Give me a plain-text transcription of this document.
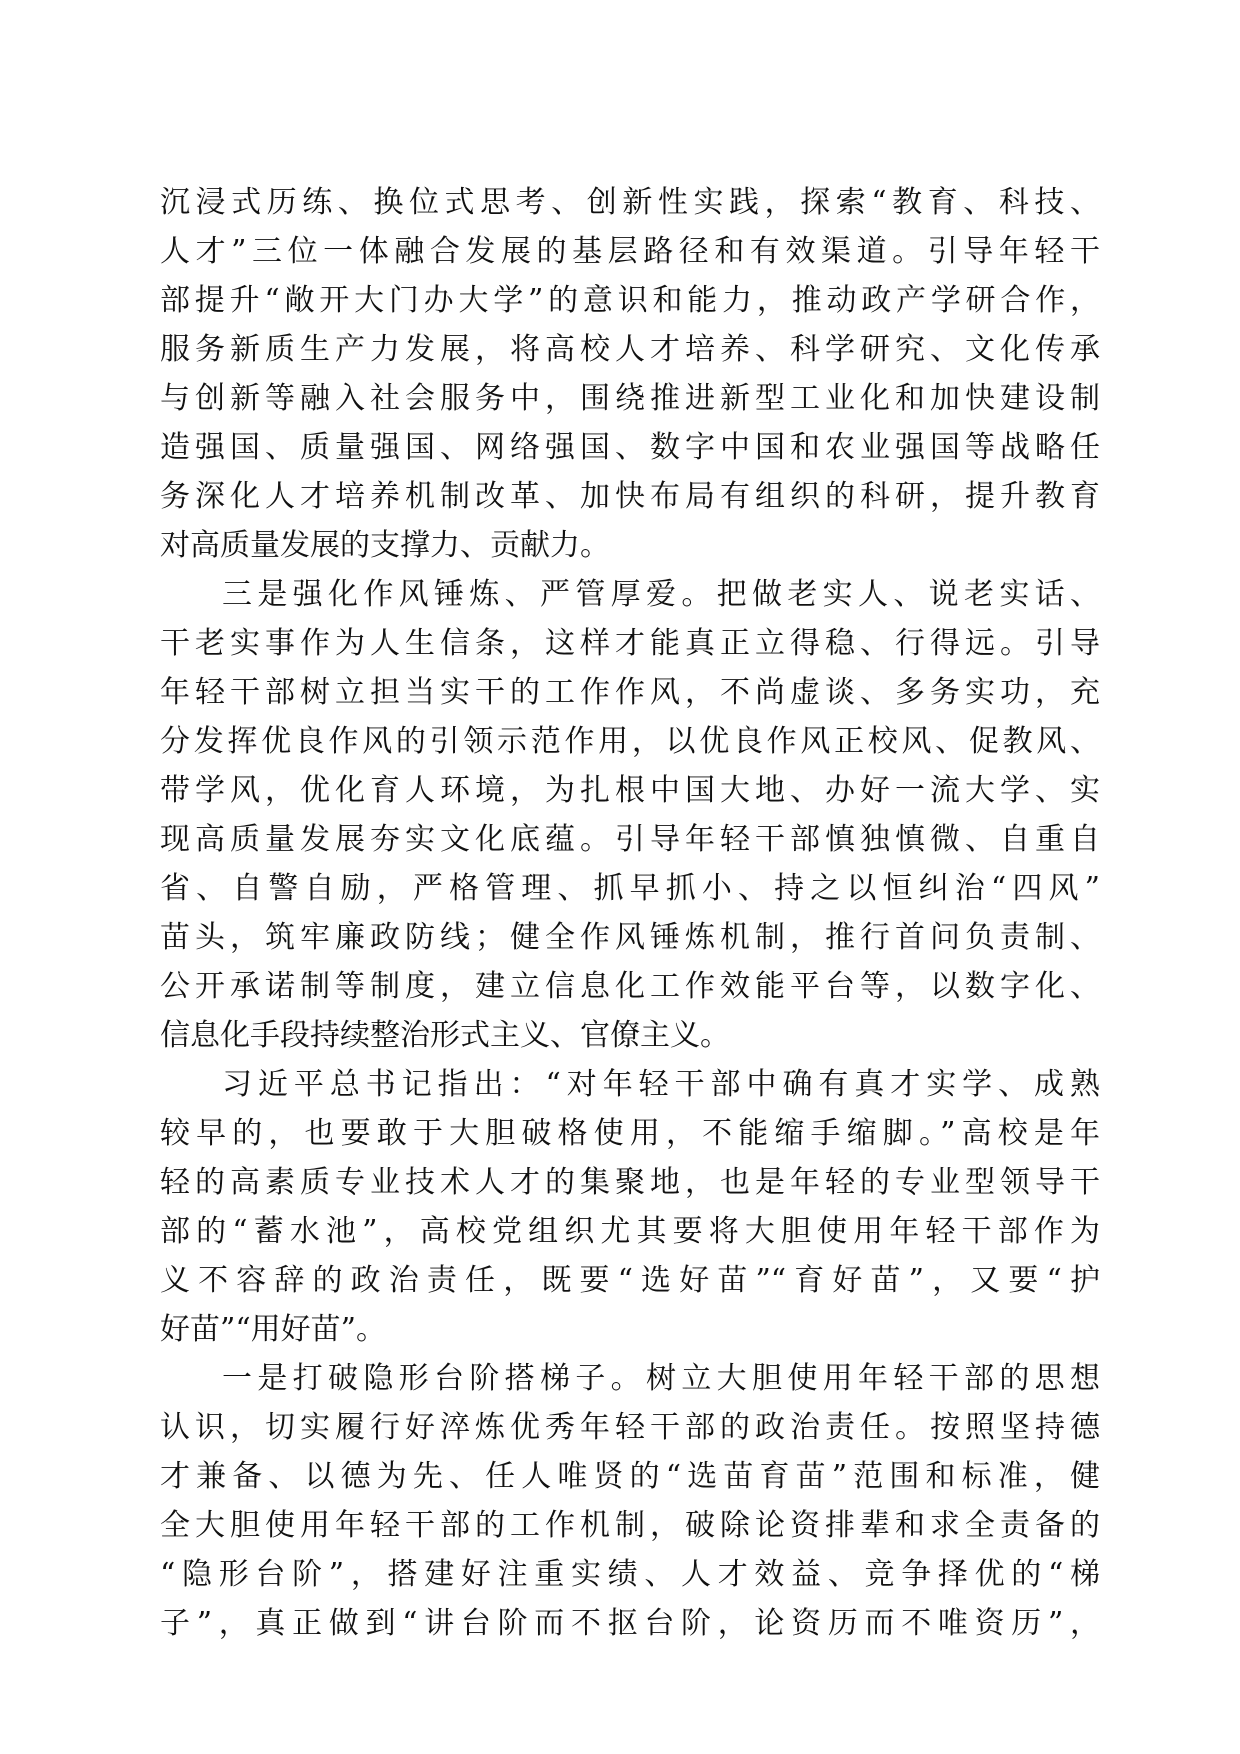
沉浸式历练、换位式思考、创新性实践，探索“教育、科技、
人才”三位一体融合发展的基层路径和有效渠道。引导年轻干
部提升“敞开大门办大学”的意识和能力，推动政产学研合作，
服务新质生产力发展，将高校人才培养、科学研究、文化传承
与创新等融入社会服务中，围绕推进新型工业化和加快建设制
造强国、质量强国、网络强国、数字中国和农业强国等战略任
务深化人才培养机制改革、加快布局有组织的科研，提升教育
对高质量发展的支撑力、贡献力。
三是强化作风锤炼、严管厚爱。把做老实人、说老实话、
干老实事作为人生信条，这样才能真正立得稳、行得远。引导
年轻干部树立担当实干的工作作风，不尚虚谈、多务实功，充
分发挥优良作风的引领示范作用，以优良作风正校风、促教风、
带学风，优化育人环境，为扎根中国大地、办好一流大学、实
现高质量发展夯实文化底蕴。引导年轻干部慎独慎微、自重自
省、自警自励，严格管理、抓早抓小、持之以恒纠治“四风”
苗头，筑牢廉政防线；健全作风锤炼机制，推行首问负责制、
公开承诺制等制度，建立信息化工作效能平台等，以数字化、
信息化手段持续整治形式主义、官僚主义。
习近平总书记指出：“对年轻干部中确有真才实学、成熟
较早的，也要敢于大胆破格使用，不能缩手缩脚。”高校是年
轻的高素质专业技术人才的集聚地，也是年轻的专业型领导干
部的“蓄水池”，高校党组织尤其要将大胆使用年轻干部作为
义不容辞的政治责任，既要“选好苗”“育好苗”，又要“护
好苗”“用好苗”。
一是打破隐形台阶搭梯子。树立大胆使用年轻干部的思想
认识，切实履行好淬炼优秀年轻干部的政治责任。按照坚持德
才兼备、以德为先、任人唯贤的“选苗育苗”范围和标准，健
全大胆使用年轻干部的工作机制，破除论资排辈和求全责备的
“隐形台阶”，搭建好注重实绩、人才效益、竞争择优的“梯
子”，真正做到“讲台阶而不抠台阶，论资历而不唯资历”，
